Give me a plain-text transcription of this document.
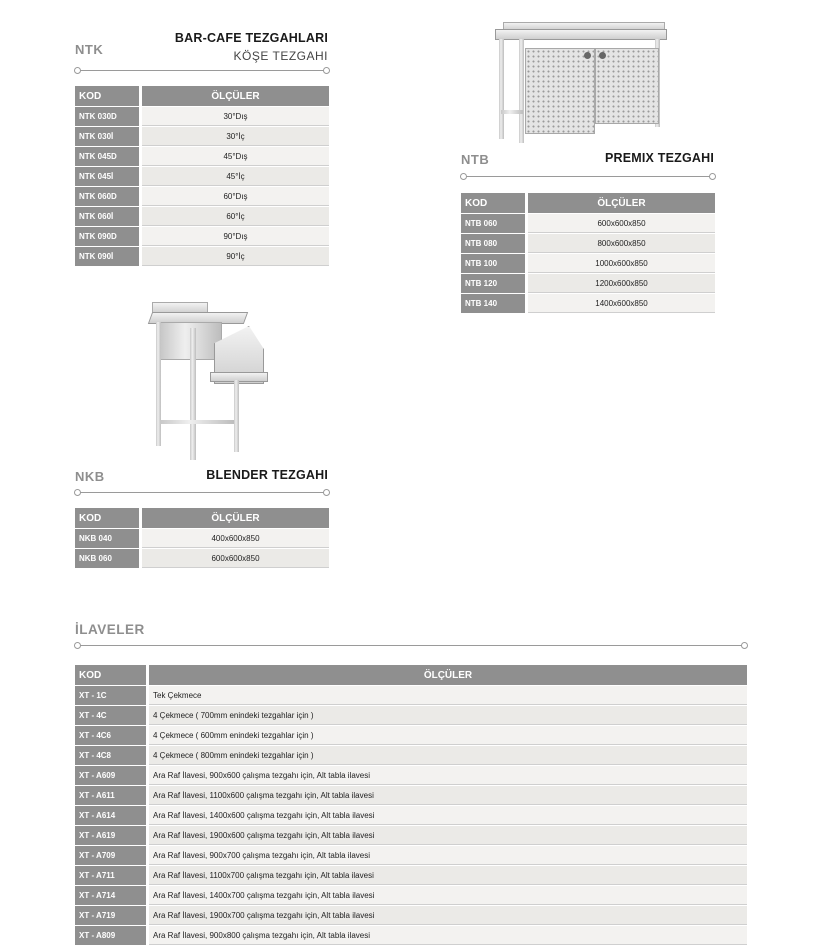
NTK
BAR-CAFE TEZGAHLARI
KÖŞE TEZGAHI
KOD	ÖLÇÜLER
NTK 030D	30°Dış
NTK 030İ	30°İç
NTK 045D	45°Dış
NTK 045İ	45°İç
NTK 060D	60°Dış
NTK 060İ	60°İç
NTK 090D	90°Dış
NTK 090İ	90°İç
NTB	PREMIX TEZGAHI
KOD	ÖLÇÜLER
NTB 060	600x600x850
NTB 080	800x600x850
NTB 100	1000x600x850
NTB 120	1200x600x850
NTB 140	1400x600x850
NKB	BLENDER TEZGAHI
KOD	ÖLÇÜLER
NKB 040	400x600x850
NKB 060	600x600x850
İLAVELER
KOD	ÖLÇÜLER
XT - 1C	Tek Çekmece
XT - 4C	4 Çekmece ( 700mm enindeki tezgahlar için )
XT - 4C6	4 Çekmece ( 600mm enindeki tezgahlar için )
XT - 4C8	4 Çekmece ( 800mm enindeki tezgahlar için )
XT - A609	Ara Raf İlavesi, 900x600 çalışma tezgahı için, Alt tabla ilavesi
XT - A611	Ara Raf İlavesi, 1100x600 çalışma tezgahı için, Alt tabla ilavesi
XT - A614	Ara Raf İlavesi, 1400x600 çalışma tezgahı için, Alt tabla ilavesi
XT - A619	Ara Raf İlavesi, 1900x600 çalışma tezgahı için, Alt tabla ilavesi
XT - A709	Ara Raf İlavesi, 900x700 çalışma tezgahı için, Alt tabla ilavesi
XT - A711	Ara Raf İlavesi, 1100x700 çalışma tezgahı için, Alt tabla ilavesi
XT - A714	Ara Raf İlavesi, 1400x700 çalışma tezgahı için, Alt tabla ilavesi
XT - A719	Ara Raf İlavesi, 1900x700 çalışma tezgahı için, Alt tabla ilavesi
XT - A809	Ara Raf İlavesi, 900x800 çalışma tezgahı için, Alt tabla ilavesi
